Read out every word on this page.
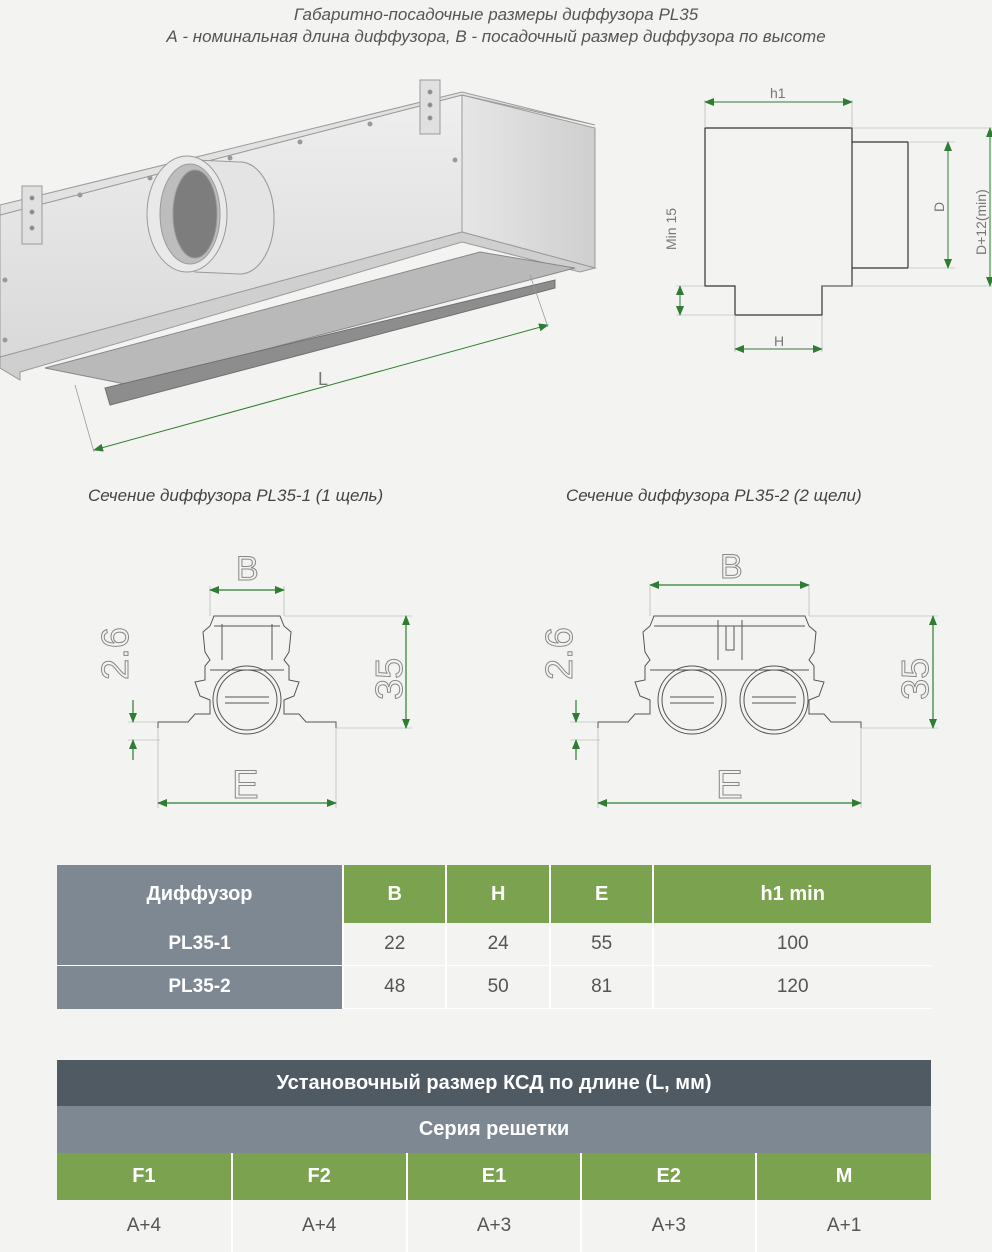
Габаритно-посадочные размеры диффузора PL35
А - номинальная длина диффузора, В - посадочный размер диффузора по высоте
L
h1
H
Min 15
D D+12(min)
B
E
2.6	35
B
E
2.6	35
Сечение диффузора PL35-1 (1 щель)	Сечение диффузора PL35-2 (2 щели)
Диффузор	B	H	E	h1 min
PL35-1	22	24	55	100
PL35-2	48	50	81	120
Установочный размер КСД по длине (L, мм)				
Серия решетки				
F1	F2	E1	E2	M
A+4	A+4	A+3	A+3	A+1
